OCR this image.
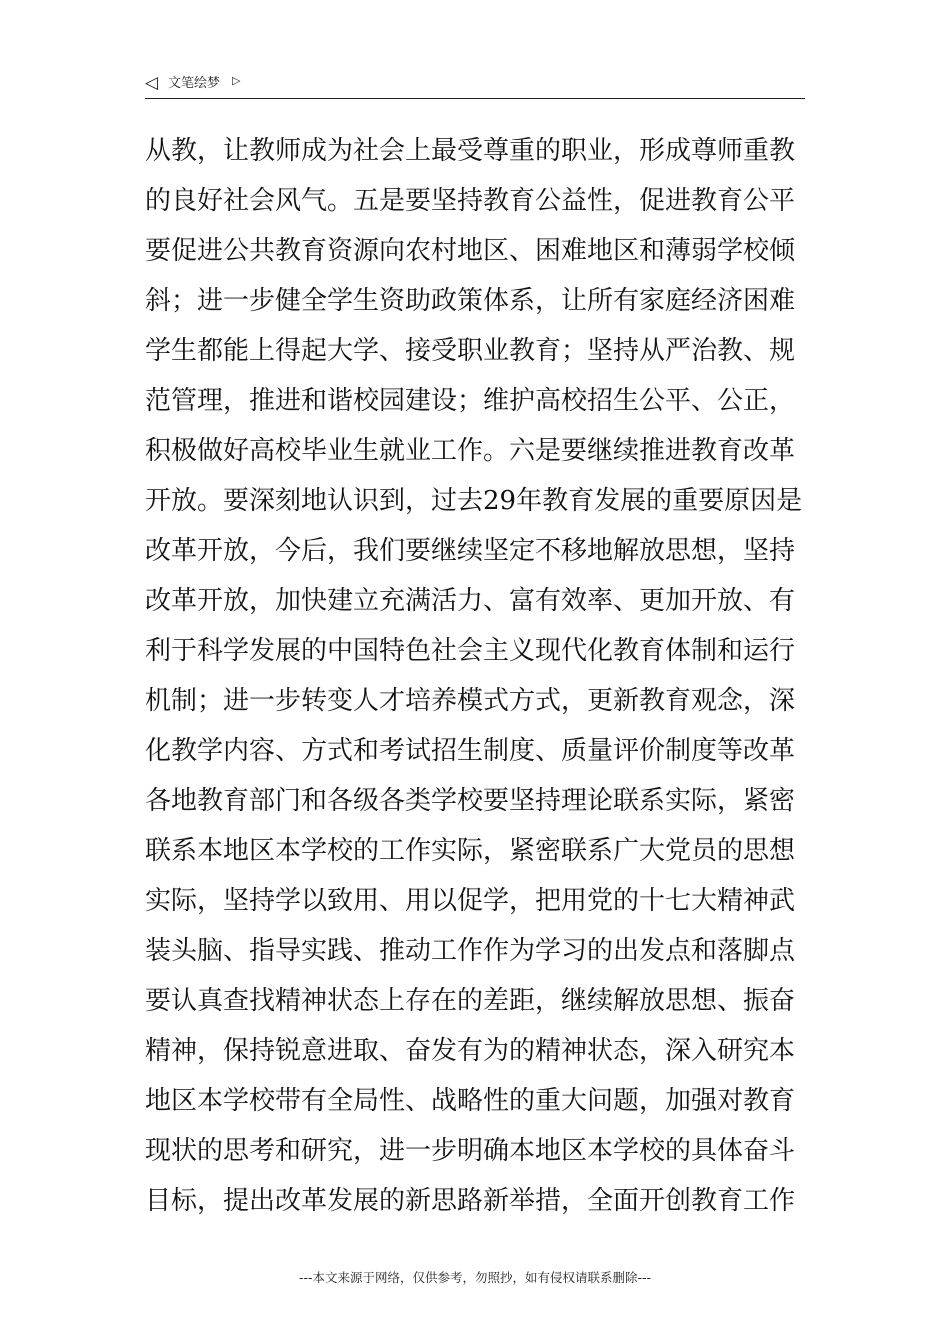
◁ 文笔绘梦 ▷
从教，让教师成为社会上最受尊重的职业，形成尊师重教
的良好社会风气。五是要坚持教育公益性，促进教育公平
要促进公共教育资源向农村地区、困难地区和薄弱学校倾
斜；进一步健全学生资助政策体系，让所有家庭经济困难
学生都能上得起大学、接受职业教育；坚持从严治教、规
范管理，推进和谐校园建设；维护高校招生公平、公正，
积极做好高校毕业生就业工作。六是要继续推进教育改革
开放。要深刻地认识到，过去29年教育发展的重要原因是
改革开放，今后，我们要继续坚定不移地解放思想，坚持
改革开放，加快建立充满活力、富有效率、更加开放、有
利于科学发展的中国特色社会主义现代化教育体制和运行
机制；进一步转变人才培养模式方式，更新教育观念，深
化教学内容、方式和考试招生制度、质量评价制度等改革
各地教育部门和各级各类学校要坚持理论联系实际，紧密
联系本地区本学校的工作实际，紧密联系广大党员的思想
实际，坚持学以致用、用以促学，把用党的十七大精神武
装头脑、指导实践、推动工作作为学习的出发点和落脚点
要认真查找精神状态上存在的差距，继续解放思想、振奋
精神，保持锐意进取、奋发有为的精神状态，深入研究本
地区本学校带有全局性、战略性的重大问题，加强对教育
现状的思考和研究，进一步明确本地区本学校的具体奋斗
目标，提出改革发展的新思路新举措，全面开创教育工作
---本文来源于网络，仅供参考，勿照抄，如有侵权请联系删除---
